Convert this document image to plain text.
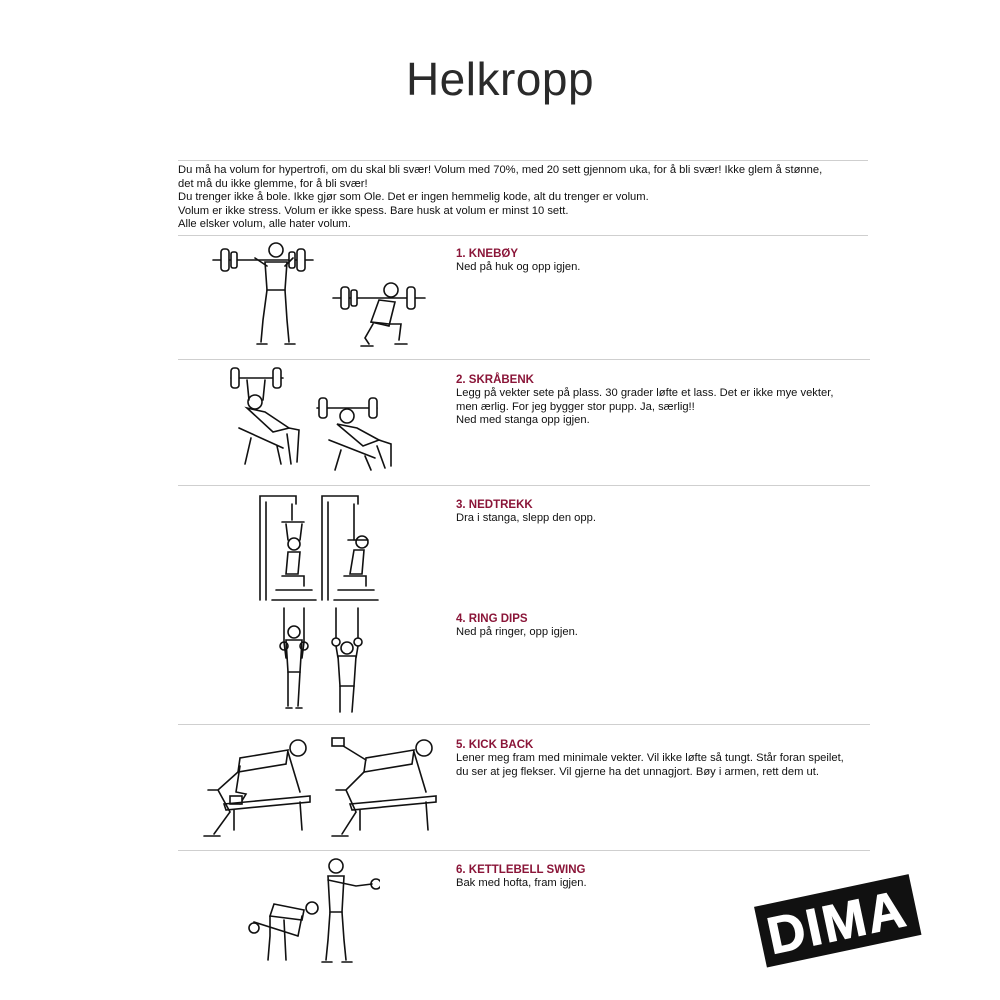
Helkropp
Du må ha volum for hypertrofi, om du skal bli svær! Volum med 70%, med 20 sett gjennom uka, for å bli svær! Ikke glem å stønne,
det må du ikke glemme, for å bli svær!
Du trenger ikke å bole. Ikke gjør som Ole. Det er ingen hemmelig kode, alt du trenger er volum.
Volum er ikke stress. Volum er ikke spess. Bare husk at volum er minst 10 sett.
Alle elsker volum, alle hater volum.
1. KNEBØY
Ned på huk og opp igjen.
2. SKRÅBENK
Legg på vekter sete på plass. 30 grader løfte et lass. Det er ikke mye vekter,
men ærlig. For jeg bygger stor pupp. Ja, særlig!!
Ned med stanga opp igjen.
3. NEDTREKK
Dra i stanga, slepp den opp.
4. RING DIPS
Ned på ringer, opp igjen.
5. KICK BACK
Lener meg fram med minimale vekter. Vil ikke løfte så tungt. Står foran speilet,
du ser at jeg flekser. Vil gjerne ha det unnagjort. Bøy i armen, rett dem ut.
6. KETTLEBELL SWING
Bak med hofta, fram igjen.	DIMA
